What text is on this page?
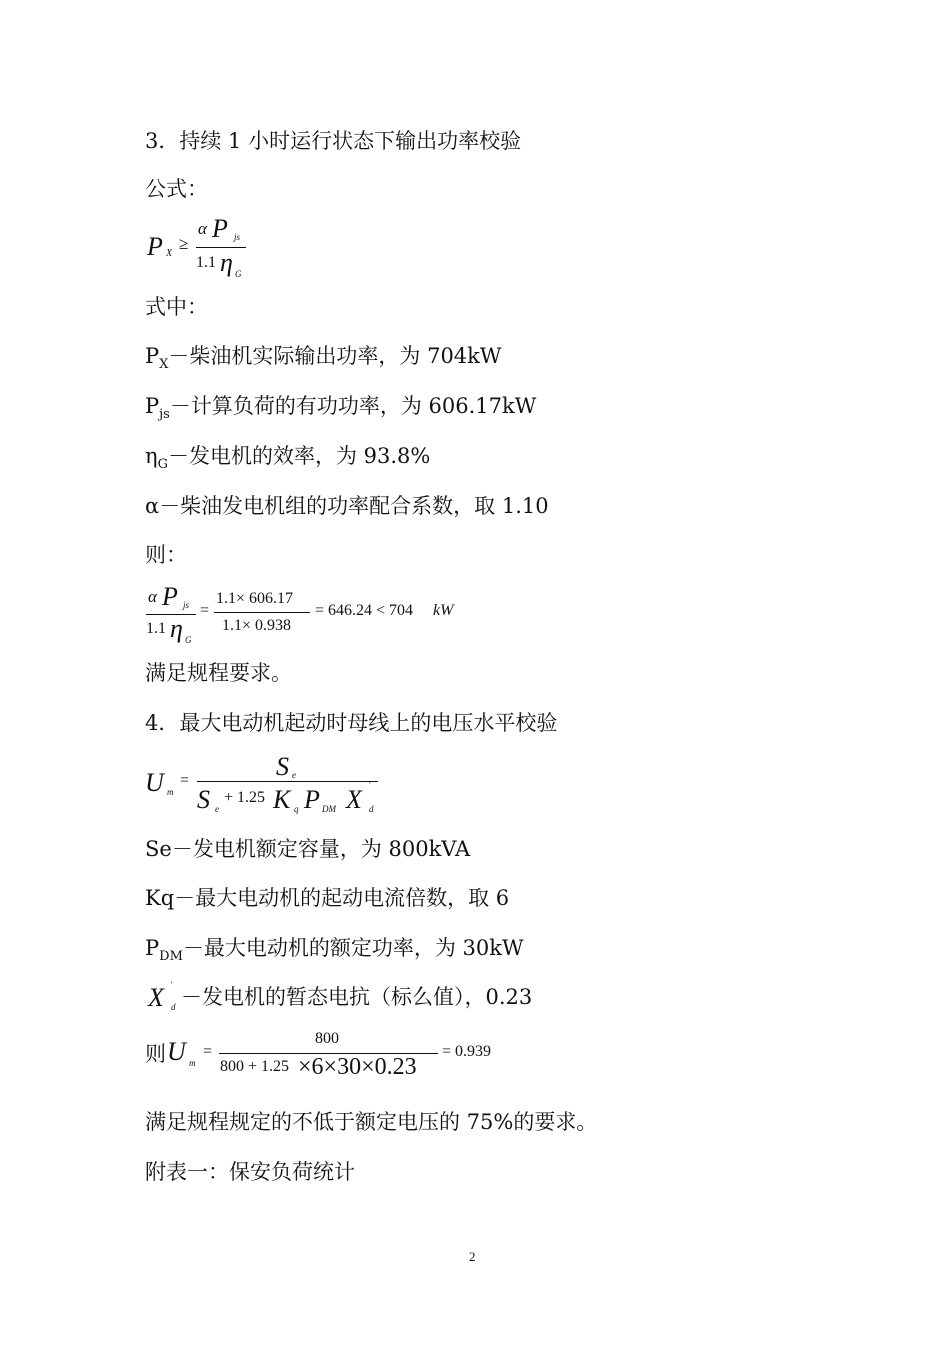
3．持续 1 小时运行状态下输出功率校验
公式：
P X
≥
α P js
1.1 η G
式中：
$P_X-$柴油机实际输出功率，为 704kW
$P_{js}-$计算负荷的有功功率，为 606.17kW
$\eta_G-$发电机的效率，为 93.8%
α－柴油发电机组的功率配合系数，取 1.10
则：
α P js
1.1 η G
=
1.1× 606.17
1.1× 0.938
= 646.24 < 704 kW
满足规程要求。
4．最大电动机起动时母线上的电压水平校验
U m
=	S e
S e
+ 1.25 K q P DM X '
d
Se－发电机额定容量，为 800kVA
Kq－最大电动机的起动电流倍数，取 6
$P_{DM}-$最大电动机的额定功率，为 30kW
X '
d －发电机的暂态电抗（标么值），0.23
则 U m
=
800
800 + 1.25 ×6×30×0.23
= 0.939
满足规程规定的不低于额定电压的 75%的要求。
附表一：保安负荷统计
2
